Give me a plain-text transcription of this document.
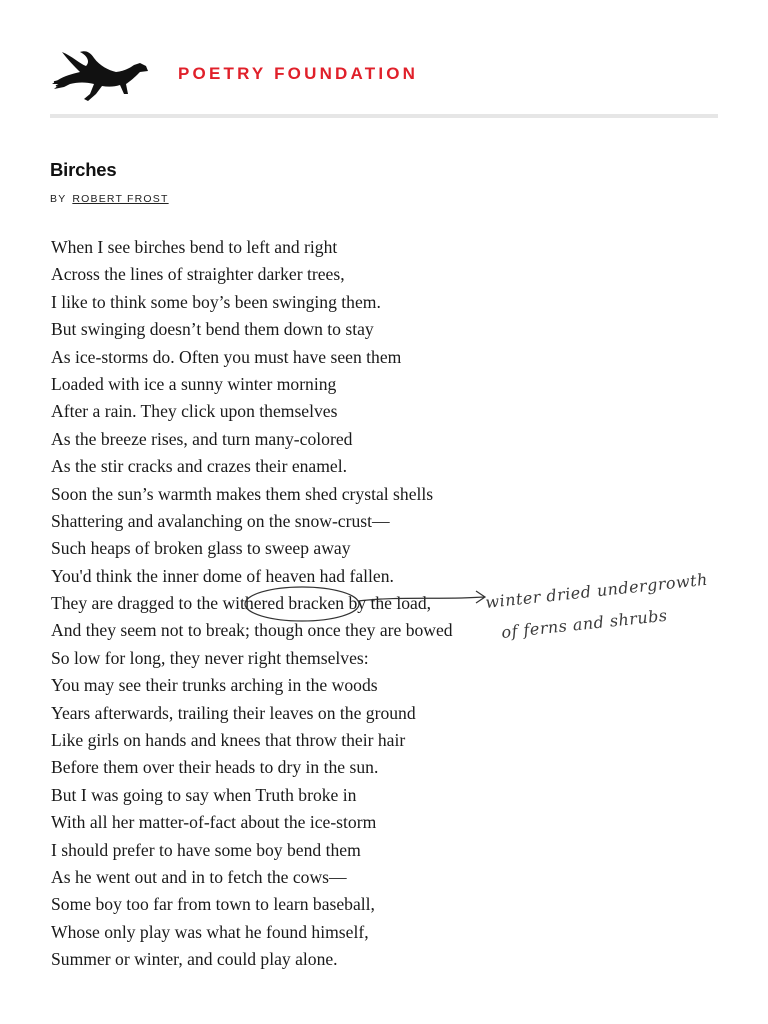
POETRY FOUNDATION
Birches
BY ROBERT FROST
When I see birches bend to left and right
Across the lines of straighter darker trees,
I like to think some boy’s been swinging them.
But swinging doesn’t bend them down to stay
As ice-storms do. Often you must have seen them
Loaded with ice a sunny winter morning
After a rain. They click upon themselves
As the breeze rises, and turn many-colored
As the stir cracks and crazes their enamel.
Soon the sun’s warmth makes them shed crystal shells
Shattering and avalanching on the snow-crust—
Such heaps of broken glass to sweep away
You'd think the inner dome of heaven had fallen.
They are dragged to the withered bracken by the load,
And they seem not to break; though once they are bowed
So low for long, they never right themselves:
You may see their trunks arching in the woods
Years afterwards, trailing their leaves on the ground
Like girls on hands and knees that throw their hair
Before them over their heads to dry in the sun.
But I was going to say when Truth broke in
With all her matter-of-fact about the ice-storm
I should prefer to have some boy bend them
As he went out and in to fetch the cows—
Some boy too far from town to learn baseball,
Whose only play was what he found himself,
Summer or winter, and could play alone.
winter dried undergrowth
of ferns and shrubs
